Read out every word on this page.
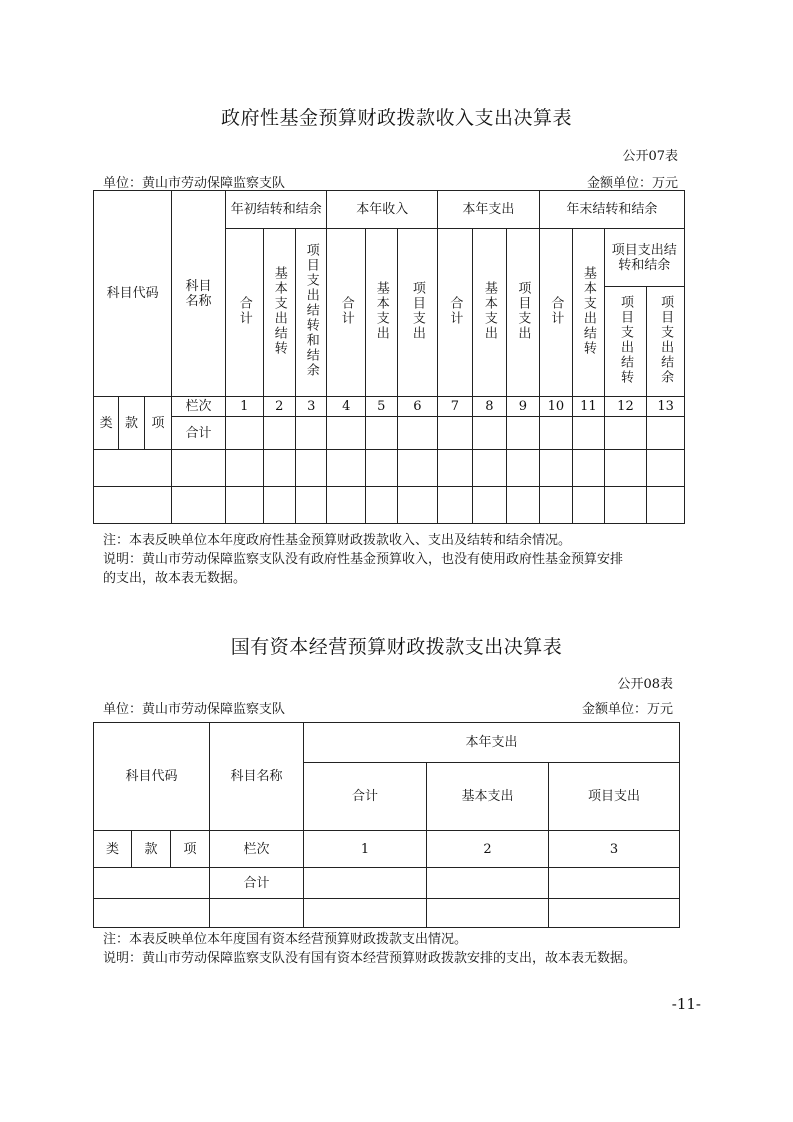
政府性基金预算财政拨款收入支出决算表
公开07表
单位：黄山市劳动保障监察支队	金额单位：万元
科目代码			科目名称	年初结转和结余			本年收入			本年支出			年末结转和结余			
				合计	基本支出结转	项目支出结转和结余	合计	基本支出	项目支出	合计	基本支出	项目支出	合计	基本支出结转	项目支出结转和结余	
															项目支出结转	项目支出结余
类	款	项	栏次	1	2	3	4	5	6	7	8	9	10	11	12	13
			合计													

注：本表反映单位本年度政府性基金预算财政拨款收入、支出及结转和结余情况。
说明：黄山市劳动保障监察支队没有政府性基金预算收入，也没有使用政府性基金预算安排
的支出，故本表无数据。
国有资本经营预算财政拨款支出决算表
公开08表
单位：黄山市劳动保障监察支队	金额单位：万元
科目代码			科目名称	本年支出		
				合计	基本支出	项目支出
类	款	项	栏次	1	2	3
			合计			

注：本表反映单位本年度国有资本经营预算财政拨款支出情况。
说明：黄山市劳动保障监察支队没有国有资本经营预算财政拨款安排的支出，故本表无数据。
-11-
